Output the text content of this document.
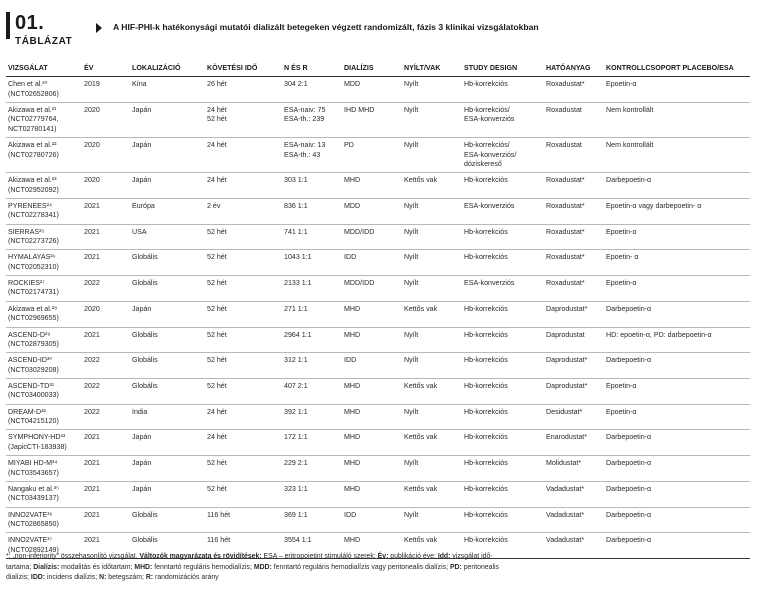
01.
TÁBLÁZAT
A HIF-PHI-k hatékonysági mutatói dializált betegeken végzett randomizált, fázis 3 klinikai vizsgálatokban
VIZSGÁLAT	ÉV	LOKALIZÁCIÓ	KÖVETÉSI IDŐ	N ÉS R	DIALÍZIS	NYÍLT/VAK	STUDY DESIGN	HATÓANYAG	KONTROLLCSOPORT PLACEBO/ESA

Chen et al.²⁰
(NCT02652806)	2019	Kína	26 hét	304 2:1	MDD	Nyílt	Hb-korrekciós	Roxadustat*	Epoetin-α

Akizawa et al.²¹
(NCT02779764,
NCT02780141)	2020	Japán	24 hét
52 hét	ESA-naiv: 75
ESA-th.: 239	IHD MHD	Nyílt	Hb-korrekciós/
ESA-konverziós	Roxadustat	Nem kontrollált

Akizawa et al.²²
(NCT02780726)	2020	Japán	24 hét	ESA-naiv: 13
ESA-th.: 43	PD	Nyílt	Hb-korrekciós/
ESA-konverziós/
dóziskereső	Roxadustat	Nem kontrollált

Akizawa et al.²³
(NCT02952092)	2020	Japán	24 hét	303 1:1	MHD	Kettős vak	Hb-korrekciós	Roxadustat*	Darbepoetin-α

PYRENEES²⁴
(NCT02278341)	2021	Európa	2 év	836 1:1	MDD	Nyílt	ESA-konverziós	Roxadustat*	Epoetin-α vagy darbepoetin- α

SIERRAS²⁵
(NCT02273726)	2021	USA	52 hét	741 1:1	MDD/IDD	Nyílt	Hb-korrekciós	Roxadustat*	Epoetin-α

HYMALAYAS²⁶
(NCT02052310)	2021	Globális	52 hét	1043 1:1	IDD	Nyílt	Hb-korrekciós	Roxadustat*	Epoetin- α

ROCKIES²⁷
(NCT02174731)	2022	Globális	52 hét	2133 1:1	MDD/IDD	Nyílt	ESA-konverziós	Roxadustat*	Epoetin-α

Akizawa et al.²⁸
(NCT02969655)	2020	Japán	52 hét	271 1:1	MHD	Kettős vak	Hb-korrekciós	Daprodustat*	Darbepoetin-α

ASCEND-D²⁹
(NCT02879305)	2021	Globális	52 hét	2964 1:1	MHD	Nyílt	Hb-korrekciós	Daprodustat	HD: epoetin-α, PD: darbepoetin-α

ASCEND-ID³⁰
(NCT03029208)	2022	Globális	52 hét	312 1:1	IDD	Nyílt	Hb-korrekciós	Daprodustat*	Darbepoetin-α

ASCEND-TD³¹
(NCT03400033)	2022	Globális	52 hét	407 2:1	MHD	Kettős vak	Hb-korrekciós	Daprodustat*	Epoetin-α

DREAM-D³²
(NCT04215120)	2022	India	24 hét	392 1:1	MHD	Nyílt	Hb-korrekciós	Desidustat*	Epoetin-α

SYMPHONY-HD³³
(JapicCTI-183938)	2021	Japán	24 hét	172 1:1	MHD	Kettős vak	Hb-korrekciós	Enarodustat*	Darbepoetin-α

MIYABI HD-M³⁴
(NCT03543657)	2021	Japán	52 hét	229 2:1	MHD	Nyílt	Hb-korrekciós	Molidustat*	Darbepoetin-α

Nangaku et al.³⁵
(NCT03439137)	2021	Japán	52 hét	323 1:1	MHD	Kettős vak	Hb-korrekciós	Vadadustat*	Darbepoetin-α

INNO2VATE³⁶
(NCT02865850)	2021	Globális	116 hét	369 1:1	IDD	Nyílt	Hb-korrekciós	Vadadustat*	Darbepoetin-α

INNO2VATE³⁷
(NCT02892149)	2021	Globális	116 hét	3554 1:1	MHD	Kettős vak	Hb-korrekciós	Vadadustat*	Darbepoetin-α
*: „non-inferiority" összehasonlító vizsgálat. Változók magyarázata és rövidítések: ESA – eritropoietint stimuláló szerek; Év: publikáció éve; Idd: vizsgálat idő-
tartama; Dialízis: modalitás és időtartam; MHD: fenntartó reguláris hemodialízis; MDD: fenntartó reguláris hemodialízis vagy peritonealis dialízis; PD: peritonealis
dialízis; IDD: incidens dialízis; N: betegszám; R: randomizációs arány
